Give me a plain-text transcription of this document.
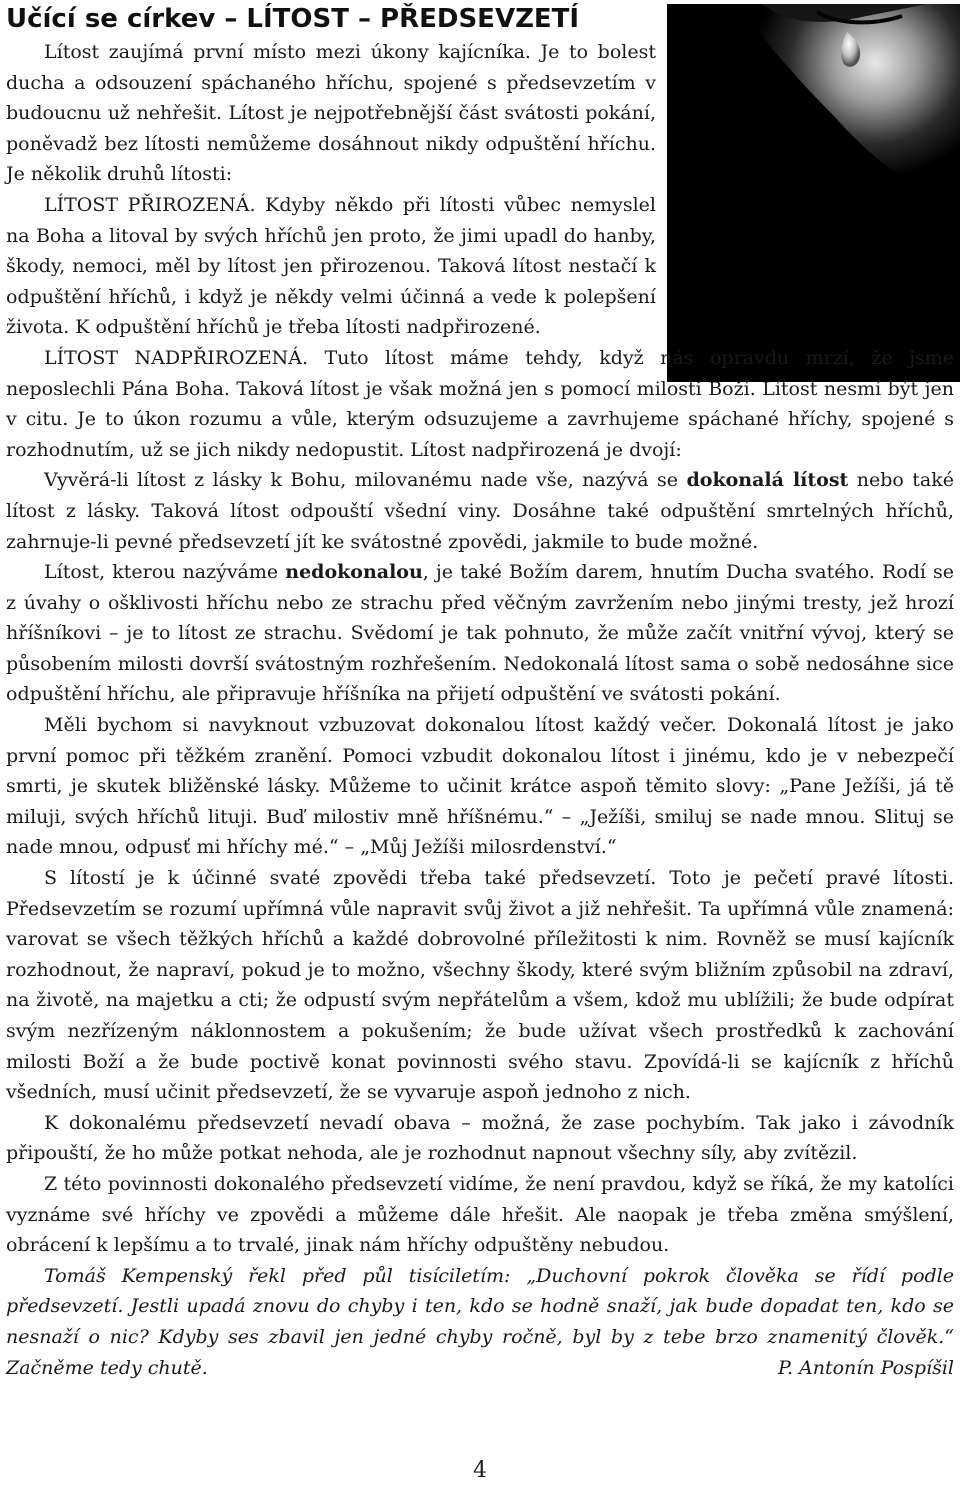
Učící se církev – LÍTOST – PŘEDSEVZETÍ

Lítost zaujímá první místo mezi úkony kajícníka. Je to bolest ducha a odsouzení spáchaného hříchu, spojené s předsevzetím v budoucnu už nehřešit. Lítost je nejpotřebnější část svátosti pokání, poněvadž bez lítosti nemůžeme dosáhnout nikdy odpuštění hříchu. Je několik druhů lítosti:

LÍTOST PŘIROZENÁ. Kdyby někdo při lítosti vůbec nemyslel na Boha a litoval by svých hříchů jen proto, že jimi upadl do hanby, škody, nemoci, měl by lítost jen přirozenou. Taková lítost nestačí k odpuštění hříchů, i když je někdy velmi účinná a vede k polepšení života. K odpuštění hříchů je třeba lítosti nadpřirozené.

LÍTOST NADPŘIROZENÁ. Tuto lítost máme tehdy, když nás opravdu mrzí, že jsme neposlechli Pána Boha. Taková lítost je však možná jen s pomocí milosti Boží. Lítost nesmí být jen v citu. Je to úkon rozumu a vůle, kterým odsuzujeme a zavrhujeme spáchané hříchy, spojené s rozhodnutím, už se jich nikdy nedopustit. Lítost nadpřirozená je dvojí:

Vyvěrá-li lítost z lásky k Bohu, milovanému nade vše, nazývá se dokonalá lítost nebo také lítost z lásky. Taková lítost odpouští všední viny. Dosáhne také odpuštění smrtelných hříchů, zahrnuje-li pevné předsevzetí jít ke svátostné zpovědi, jakmile to bude možné.

Lítost, kterou nazýváme nedokonalou, je také Božím darem, hnutím Ducha svatého. Rodí se z úvahy o ošklivosti hříchu nebo ze strachu před věčným zavržením nebo jinými tresty, jež hrozí hříšníkovi – je to lítost ze strachu. Svědomí je tak pohnuto, že může začít vnitřní vývoj, který se působením milosti dovrší svátostným rozhřešením. Nedokonalá lítost sama o sobě nedosáhne sice odpuštění hříchu, ale připravuje hříšníka na přijetí odpuštění ve svátosti pokání.

Měli bychom si navyknout vzbuzovat dokonalou lítost každý večer. Dokonalá lítost je jako první pomoc při těžkém zranění. Pomoci vzbudit dokonalou lítost i jinému, kdo je v nebezpečí smrti, je skutek bližěnské lásky. Můžeme to učinit krátce aspoň těmito slovy: „Pane Ježíši, já tě miluji, svých hříchů lituji. Buď milostiv mně hříšnému.“ – „Ježíši, smiluj se nade mnou. Slituj se nade mnou, odpusť mi hříchy mé.“ – „Můj Ježíši milosrdenství.“

S lítostí je k účinné svaté zpovědi třeba také předsevzetí. Toto je pečetí pravé lítosti. Předsevzetím se rozumí upřímná vůle napravit svůj život a již nehřešit. Ta upřímná vůle znamená: varovat se všech těžkých hříchů a každé dobrovolné příležitosti k nim. Rovněž se musí kajícník rozhodnout, že napraví, pokud je to možno, všechny škody, které svým bližním způsobil na zdraví, na životě, na majetku a cti; že odpustí svým nepřátelům a všem, kdož mu ublížili; že bude odpírat svým nezřízeným náklonnostem a pokušením; že bude užívat všech prostředků k zachování milosti Boží a že bude poctivě konat povinnosti svého stavu. Zpovídá-li se kajícník z hříchů všedních, musí učinit předsevzetí, že se vyvaruje aspoň jednoho z nich.

K dokonalému předsevzetí nevadí obava – možná, že zase pochybím. Tak jako i závodník připouští, že ho může potkat nehoda, ale je rozhodnut napnout všechny síly, aby zvítězil.

Z této povinnosti dokonalého předsevzetí vidíme, že není pravdou, když se říká, že my katolíci vyznáme své hříchy ve zpovědi a můžeme dále hřešit. Ale naopak je třeba změna smýšlení, obrácení k lepšímu a to trvalé, jinak nám hříchy odpuštěny nebudou.

Tomáš Kempenský řekl před půl tisíciletím: „Duchovní pokrok člověka se řídí podle předsevzetí. Jestli upadá znovu do chyby i ten, kdo se hodně snaží, jak bude dopadat ten, kdo se nesnaží o nic? Kdyby ses zbavil jen jedné chyby ročně, byl by z tebe brzo znamenitý člověk.“ Začněme tedy chutě.	P. Antonín Pospíšil

4
